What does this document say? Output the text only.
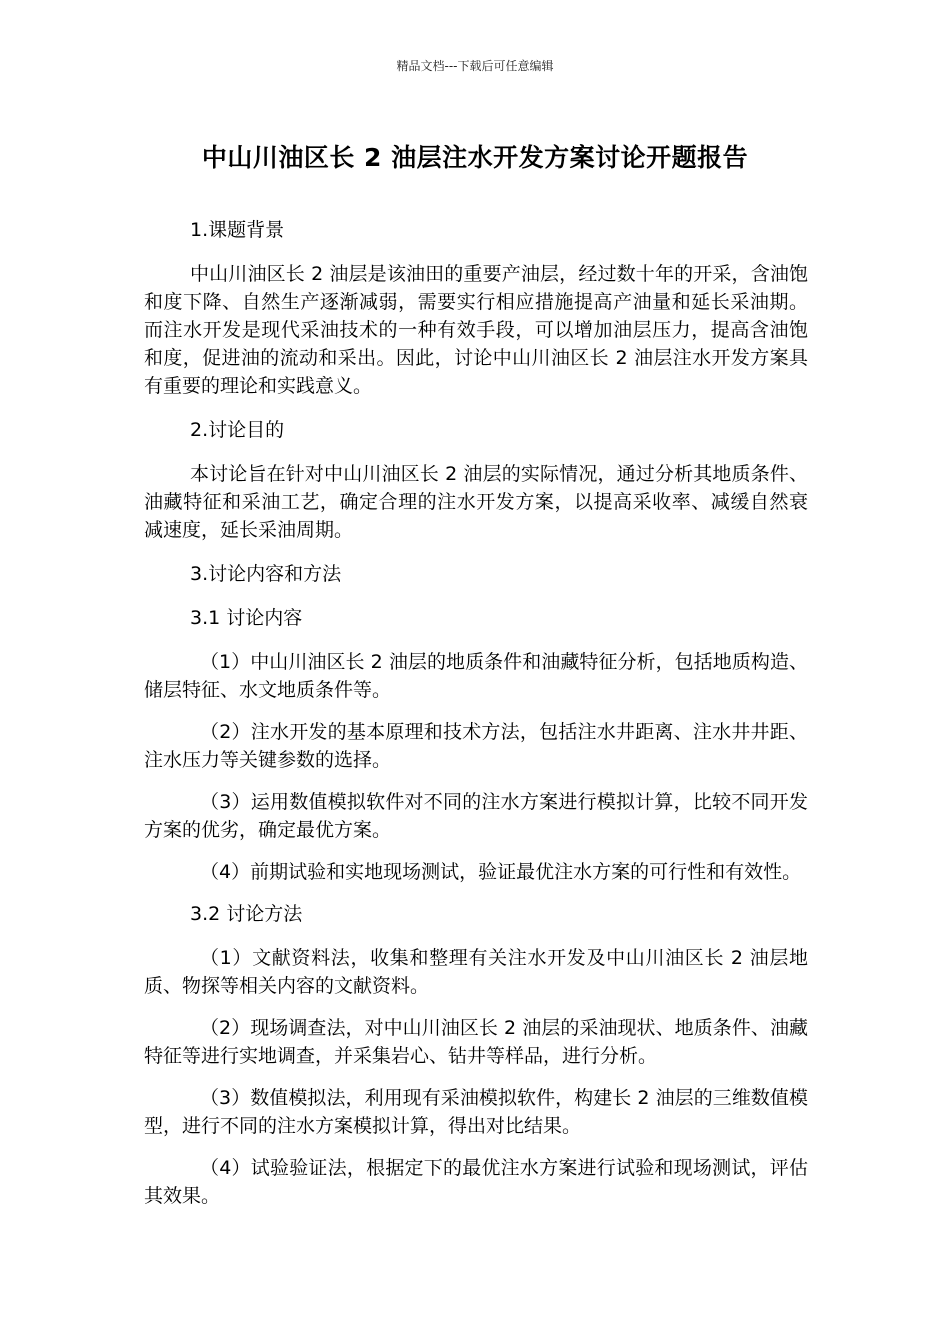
精品文档---下载后可任意编辑
中山川油区长 2 油层注水开发方案讨论开题报告
1.课题背景
中山川油区长 2 油层是该油田的重要产油层，经过数十年的开采，含油饱和度下降、自然生产逐渐减弱，需要实行相应措施提高产油量和延长采油期。而注水开发是现代采油技术的一种有效手段，可以增加油层压力，提高含油饱和度，促进油的流动和采出。因此，讨论中山川油区长 2 油层注水开发方案具有重要的理论和实践意义。
2.讨论目的
本讨论旨在针对中山川油区长 2 油层的实际情况，通过分析其地质条件、油藏特征和采油工艺，确定合理的注水开发方案，以提高采收率、减缓自然衰减速度，延长采油周期。
3.讨论内容和方法
3.1 讨论内容
（1）中山川油区长 2 油层的地质条件和油藏特征分析，包括地质构造、储层特征、水文地质条件等。
（2）注水开发的基本原理和技术方法，包括注水井距离、注水井井距、注水压力等关键参数的选择。
（3）运用数值模拟软件对不同的注水方案进行模拟计算，比较不同开发方案的优劣，确定最优方案。
（4）前期试验和实地现场测试，验证最优注水方案的可行性和有效性。
3.2 讨论方法
（1）文献资料法，收集和整理有关注水开发及中山川油区长 2 油层地质、物探等相关内容的文献资料。
（2）现场调查法，对中山川油区长 2 油层的采油现状、地质条件、油藏特征等进行实地调查，并采集岩心、钻井等样品，进行分析。
（3）数值模拟法，利用现有采油模拟软件，构建长 2 油层的三维数值模型，进行不同的注水方案模拟计算，得出对比结果。
（4）试验验证法，根据定下的最优注水方案进行试验和现场测试，评估其效果。
